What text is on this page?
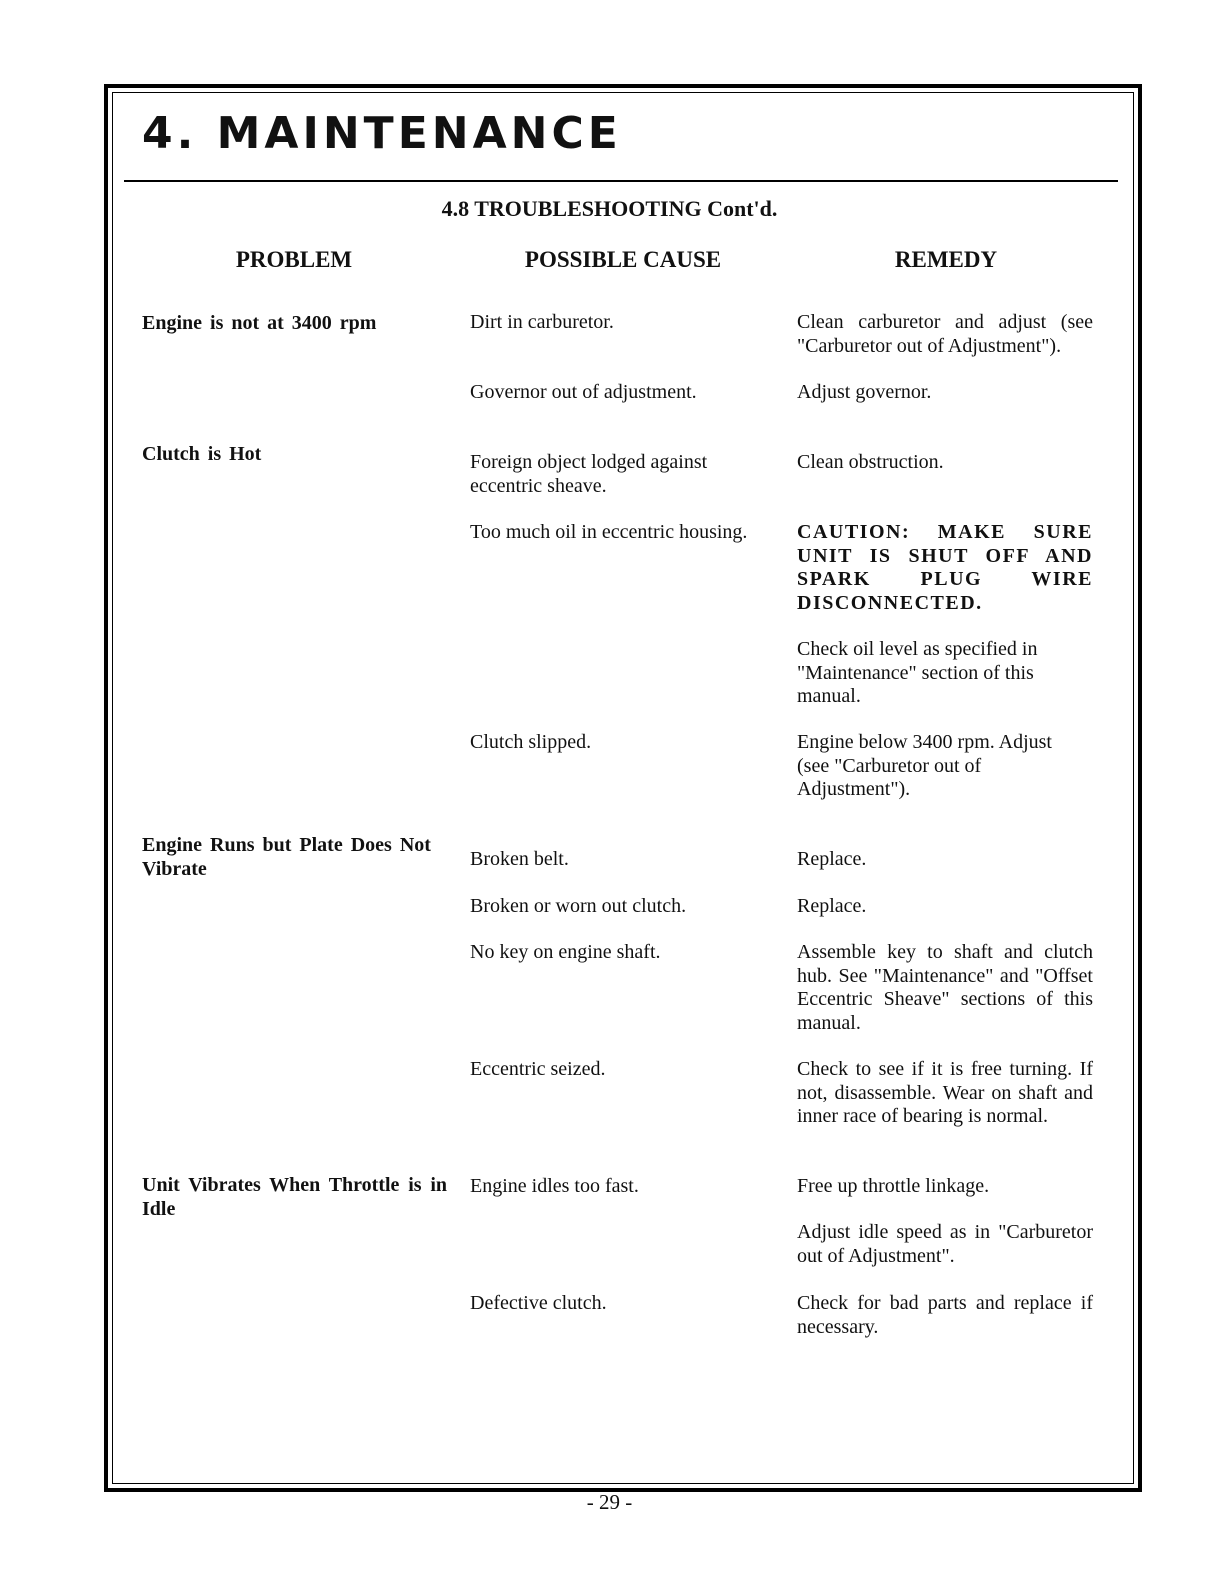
4. MAINTENANCE
4.8 TROUBLESHOOTING Cont'd.
PROBLEM	POSSIBLE CAUSE	REMEDY
Engine is not at 3400 rpm
Clutch is Hot
Engine Runs but Plate Does Not Vibrate
Unit Vibrates When Throttle is in Idle
Dirt in carburetor.
Governor out of adjustment.
Foreign object lodged against eccentric sheave.
Too much oil in eccentric housing.
Clutch slipped.
Broken belt.
Broken or worn out clutch.
No key on engine shaft.
Eccentric seized.
Engine idles too fast.
Defective clutch.
Clean carburetor and adjust (see "Carburetor out of Adjustment").
Adjust governor.
Clean obstruction.
CAUTION: MAKE SURE UNIT IS SHUT OFF AND SPARK PLUG WIRE DISCONNECTED.
Check oil level as specified in "Maintenance" section of this manual.
Engine below 3400 rpm. Adjust (see "Carburetor out of Adjustment").
Replace.
Replace.
Assemble key to shaft and clutch hub. See "Maintenance" and "Offset Eccentric Sheave" sections of this manual.
Check to see if it is free turning. If not, disassemble. Wear on shaft and inner race of bearing is normal.
Free up throttle linkage.
Adjust idle speed as in "Carburetor out of Adjustment".
Check for bad parts and replace if necessary.
- 29 -
